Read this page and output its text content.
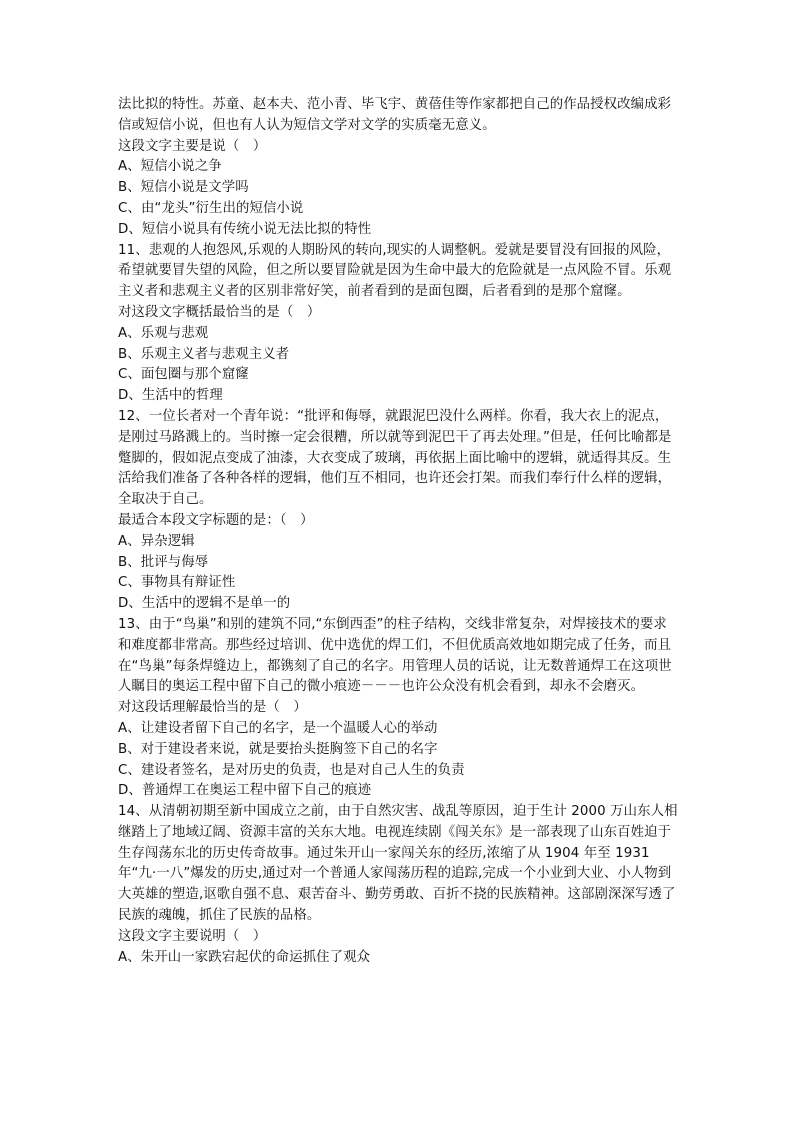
法比拟的特性。苏童、赵本夫、范小青、毕飞宇、黄蓓佳等作家都把自己的作品授权改编成彩信或短信小说，但也有人认为短信文学对文学的实质毫无意义。

这段文字主要是说（　）

A、短信小说之争

B、短信小说是文学吗

C、由“龙头”衍生出的短信小说

D、短信小说具有传统小说无法比拟的特性

11、悲观的人抱怨风,乐观的人期盼风的转向,现实的人调整帆。爱就是要冒没有回报的风险，希望就要冒失望的风险，但之所以要冒险就是因为生命中最大的危险就是一点风险不冒。乐观主义者和悲观主义者的区别非常好笑，前者看到的是面包圈，后者看到的是那个窟窿。

对这段文字概括最恰当的是（　）

A、乐观与悲观

B、乐观主义者与悲观主义者

C、面包圈与那个窟窿

D、生活中的哲理

12、一位长者对一个青年说：“批评和侮辱，就跟泥巴没什么两样。你看，我大衣上的泥点，是刚过马路溅上的。当时擦一定会很糟，所以就等到泥巴干了再去处理。”但是，任何比喻都是蹩脚的，假如泥点变成了油漆，大衣变成了玻璃，再依据上面比喻中的逻辑，就适得其反。生活给我们准备了各种各样的逻辑，他们互不相同，也许还会打架。而我们奉行什么样的逻辑，全取决于自己。

最适合本段文字标题的是：（　）

A、异杂逻辑

B、批评与侮辱

C、事物具有辩证性

D、生活中的逻辑不是单一的

13、由于“鸟巢”和别的建筑不同,“东倒西歪”的柱子结构，交线非常复杂，对焊接技术的要求和难度都非常高。那些经过培训、优中选优的焊工们，不但优质高效地如期完成了任务，而且在“鸟巢”每条焊缝边上，都镌刻了自己的名字。用管理人员的话说，让无数普通焊工在这项世人瞩目的奥运工程中留下自己的微小痕迹－－－也许公众没有机会看到，却永不会磨灭。

对这段话理解最恰当的是（　）

A、让建设者留下自己的名字，是一个温暖人心的举动

B、对于建设者来说，就是要抬头挺胸签下自己的名字

C、建设者签名，是对历史的负责，也是对自己人生的负责

D、普通焊工在奥运工程中留下自己的痕迹

14、从清朝初期至新中国成立之前，由于自然灾害、战乱等原因，迫于生计 2000 万山东人相继踏上了地域辽阔、资源丰富的关东大地。电视连续剧《闯关东》是一部表现了山东百姓迫于生存闯荡东北的历史传奇故事。通过朱开山一家闯关东的经历,浓缩了从 1904 年至 1931 年“九·一八”爆发的历史,通过对一个普通人家闯荡历程的追踪,完成一个小业到大业、小人物到大英雄的塑造,讴歌自强不息、艰苦奋斗、勤劳勇敢、百折不挠的民族精神。这部剧深深写透了民族的魂魄，抓住了民族的品格。

这段文字主要说明（　）

A、朱开山一家跌宕起伏的命运抓住了观众
